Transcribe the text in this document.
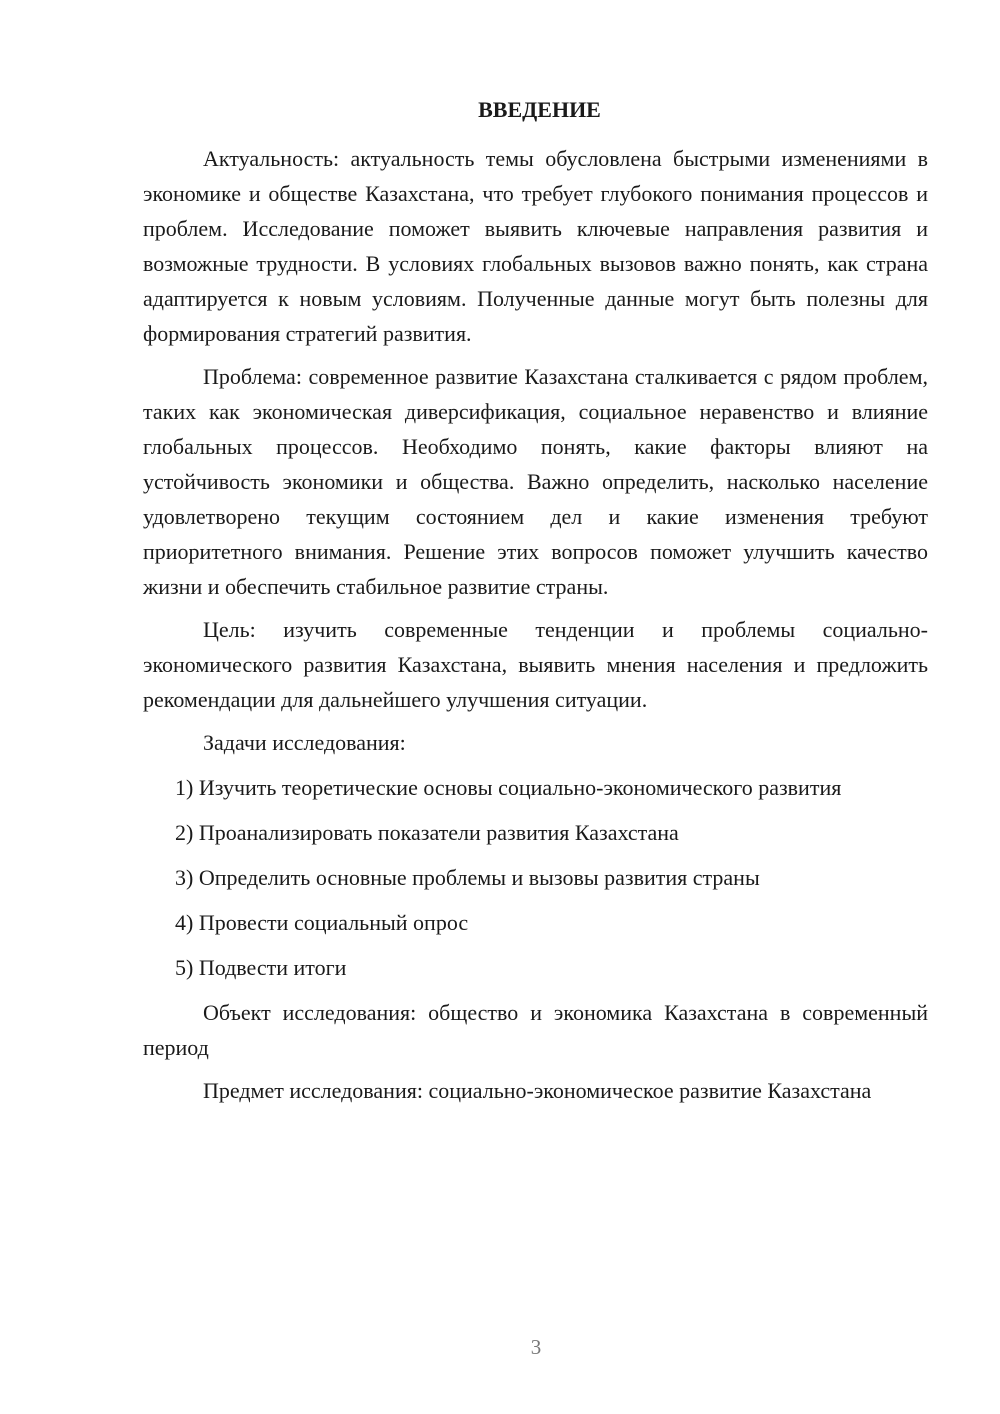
ВВЕДЕНИЕ

Актуальность: актуальность темы обусловлена быстрыми изменениями в экономике и обществе Казахстана, что требует глубокого понимания процессов и проблем. Исследование поможет выявить ключевые направления развития и возможные трудности. В условиях глобальных вызовов важно понять, как страна адаптируется к новым условиям. Полученные данные могут быть полезны для формирования стратегий развития.

Проблема: современное развитие Казахстана сталкивается с рядом проблем, таких как экономическая диверсификация, социальное неравенство и влияние глобальных процессов. Необходимо понять, какие факторы влияют на устойчивость экономики и общества. Важно определить, насколько население удовлетворено текущим состоянием дел и какие изменения требуют приоритетного внимания. Решение этих вопросов поможет улучшить качество жизни и обеспечить стабильное развитие страны.

Цель: изучить современные тенденции и проблемы социально-экономического развития Казахстана, выявить мнения населения и предложить рекомендации для дальнейшего улучшения ситуации.

Задачи исследования:

1) Изучить теоретические основы социально-экономического развития

2) Проанализировать показатели развития Казахстана

3) Определить основные проблемы и вызовы развития страны

4) Провести социальный опрос

5) Подвести итоги

Объект исследования: общество и экономика Казахстана в современный период

Предмет исследования: социально-экономическое развитие Казахстана

3
